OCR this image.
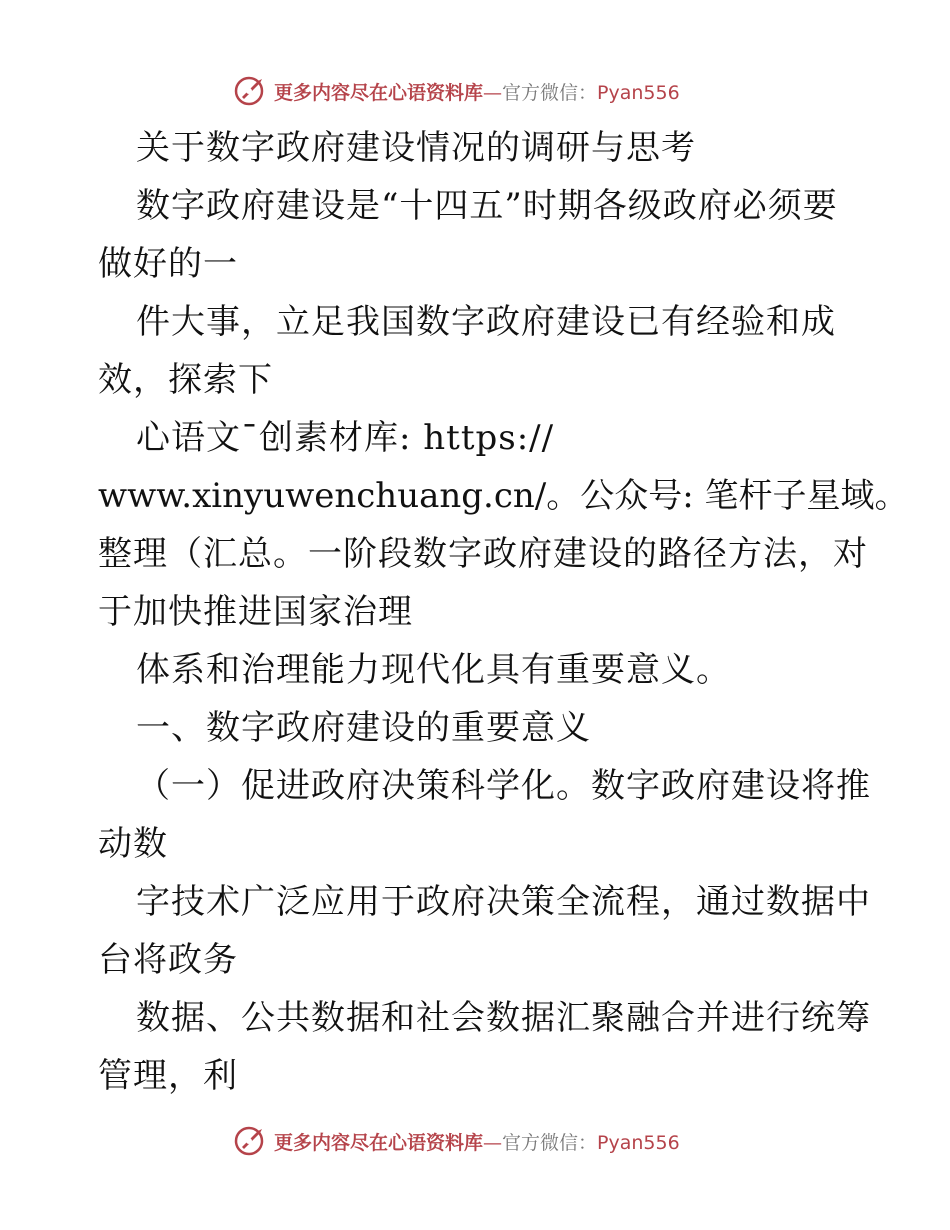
更多内容尽在心语资料库—官方微信：Pyan556
关于数字政府建设情况的调研与思考
数字政府建设是“十四五”时期各级政府必须要
做好的一
件大事，立足我国数字政府建设已有经验和成
效，探索下
心语文¯创素材库: https://
www.xinyuwenchuang.cn/。公众号: 笔杆子星域。
整理（汇总。一阶段数字政府建设的路径方法，对
于加快推进国家治理
体系和治理能力现代化具有重要意义。
一、数字政府建设的重要意义
（一）促进政府决策科学化。数字政府建设将推
动数
字技术广泛应用于政府决策全流程，通过数据中
台将政务
数据、公共数据和社会数据汇聚融合并进行统筹
管理，利
更多内容尽在心语资料库—官方微信：Pyan556
